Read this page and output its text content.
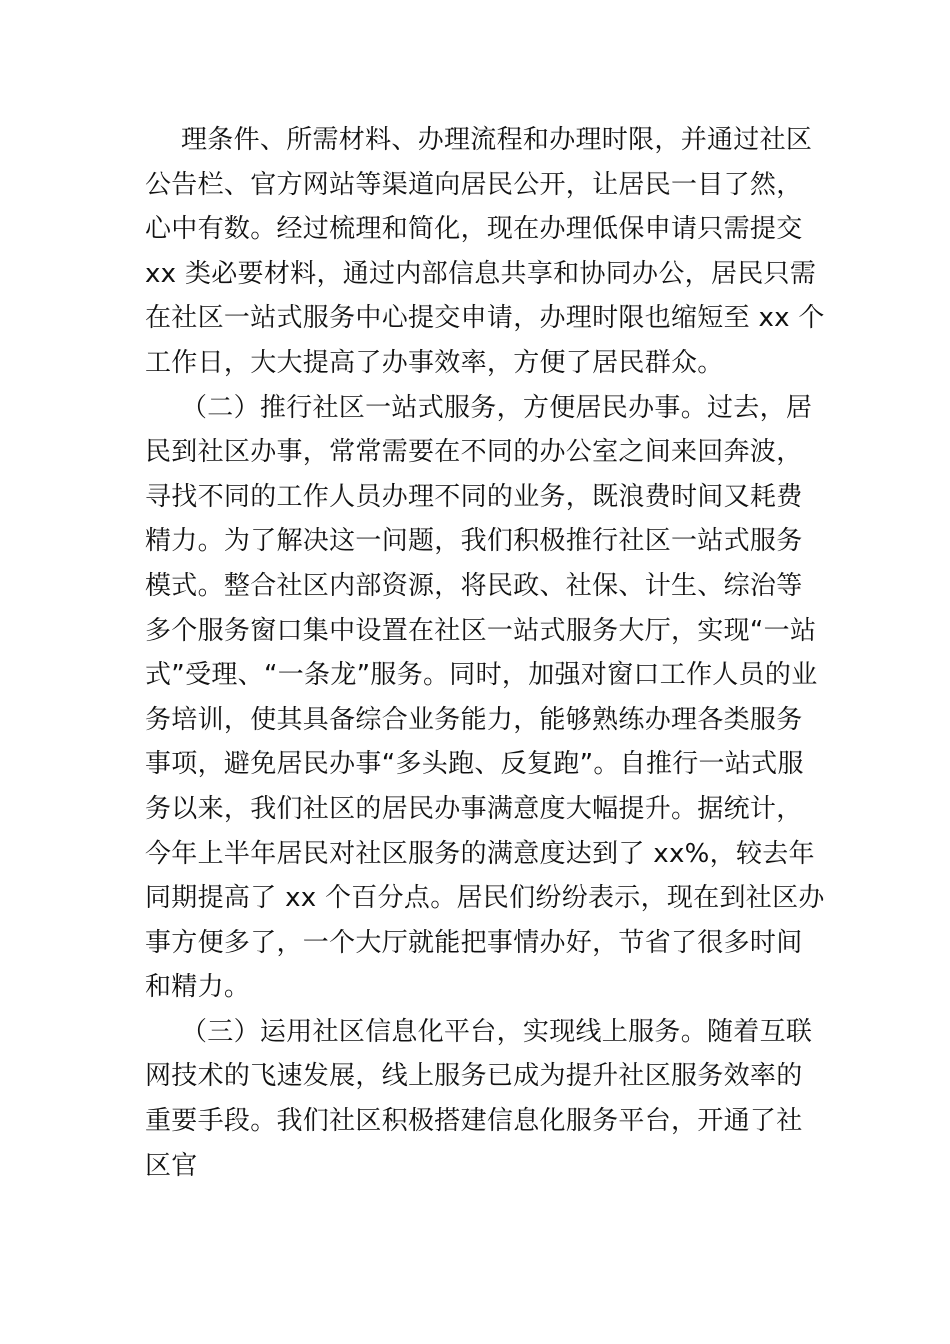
理条件、所需材料、办理流程和办理时限，并通过社区
公告栏、官方网站等渠道向居民公开，让居民一目了然，
心中有数。经过梳理和简化，现在办理低保申请只需提交
xx 类必要材料，通过内部信息共享和协同办公，居民只需
在社区一站式服务中心提交申请，办理时限也缩短至 xx 个
工作日，大大提高了办事效率，方便了居民群众。
（二）推行社区一站式服务，方便居民办事。过去，居
民到社区办事，常常需要在不同的办公室之间来回奔波，
寻找不同的工作人员办理不同的业务，既浪费时间又耗费
精力。为了解决这一问题，我们积极推行社区一站式服务
模式。整合社区内部资源，将民政、社保、计生、综治等
多个服务窗口集中设置在社区一站式服务大厅，实现“一站
式”受理、“一条龙”服务。同时，加强对窗口工作人员的业
务培训，使其具备综合业务能力，能够熟练办理各类服务
事项，避免居民办事“多头跑、反复跑”。自推行一站式服
务以来，我们社区的居民办事满意度大幅提升。据统计，
今年上半年居民对社区服务的满意度达到了 xx%，较去年
同期提高了 xx 个百分点。居民们纷纷表示，现在到社区办
事方便多了，一个大厅就能把事情办好，节省了很多时间
和精力。
（三）运用社区信息化平台，实现线上服务。随着互联
网技术的飞速发展，线上服务已成为提升社区服务效率的
重要手段。我们社区积极搭建信息化服务平台，开通了社
区官
